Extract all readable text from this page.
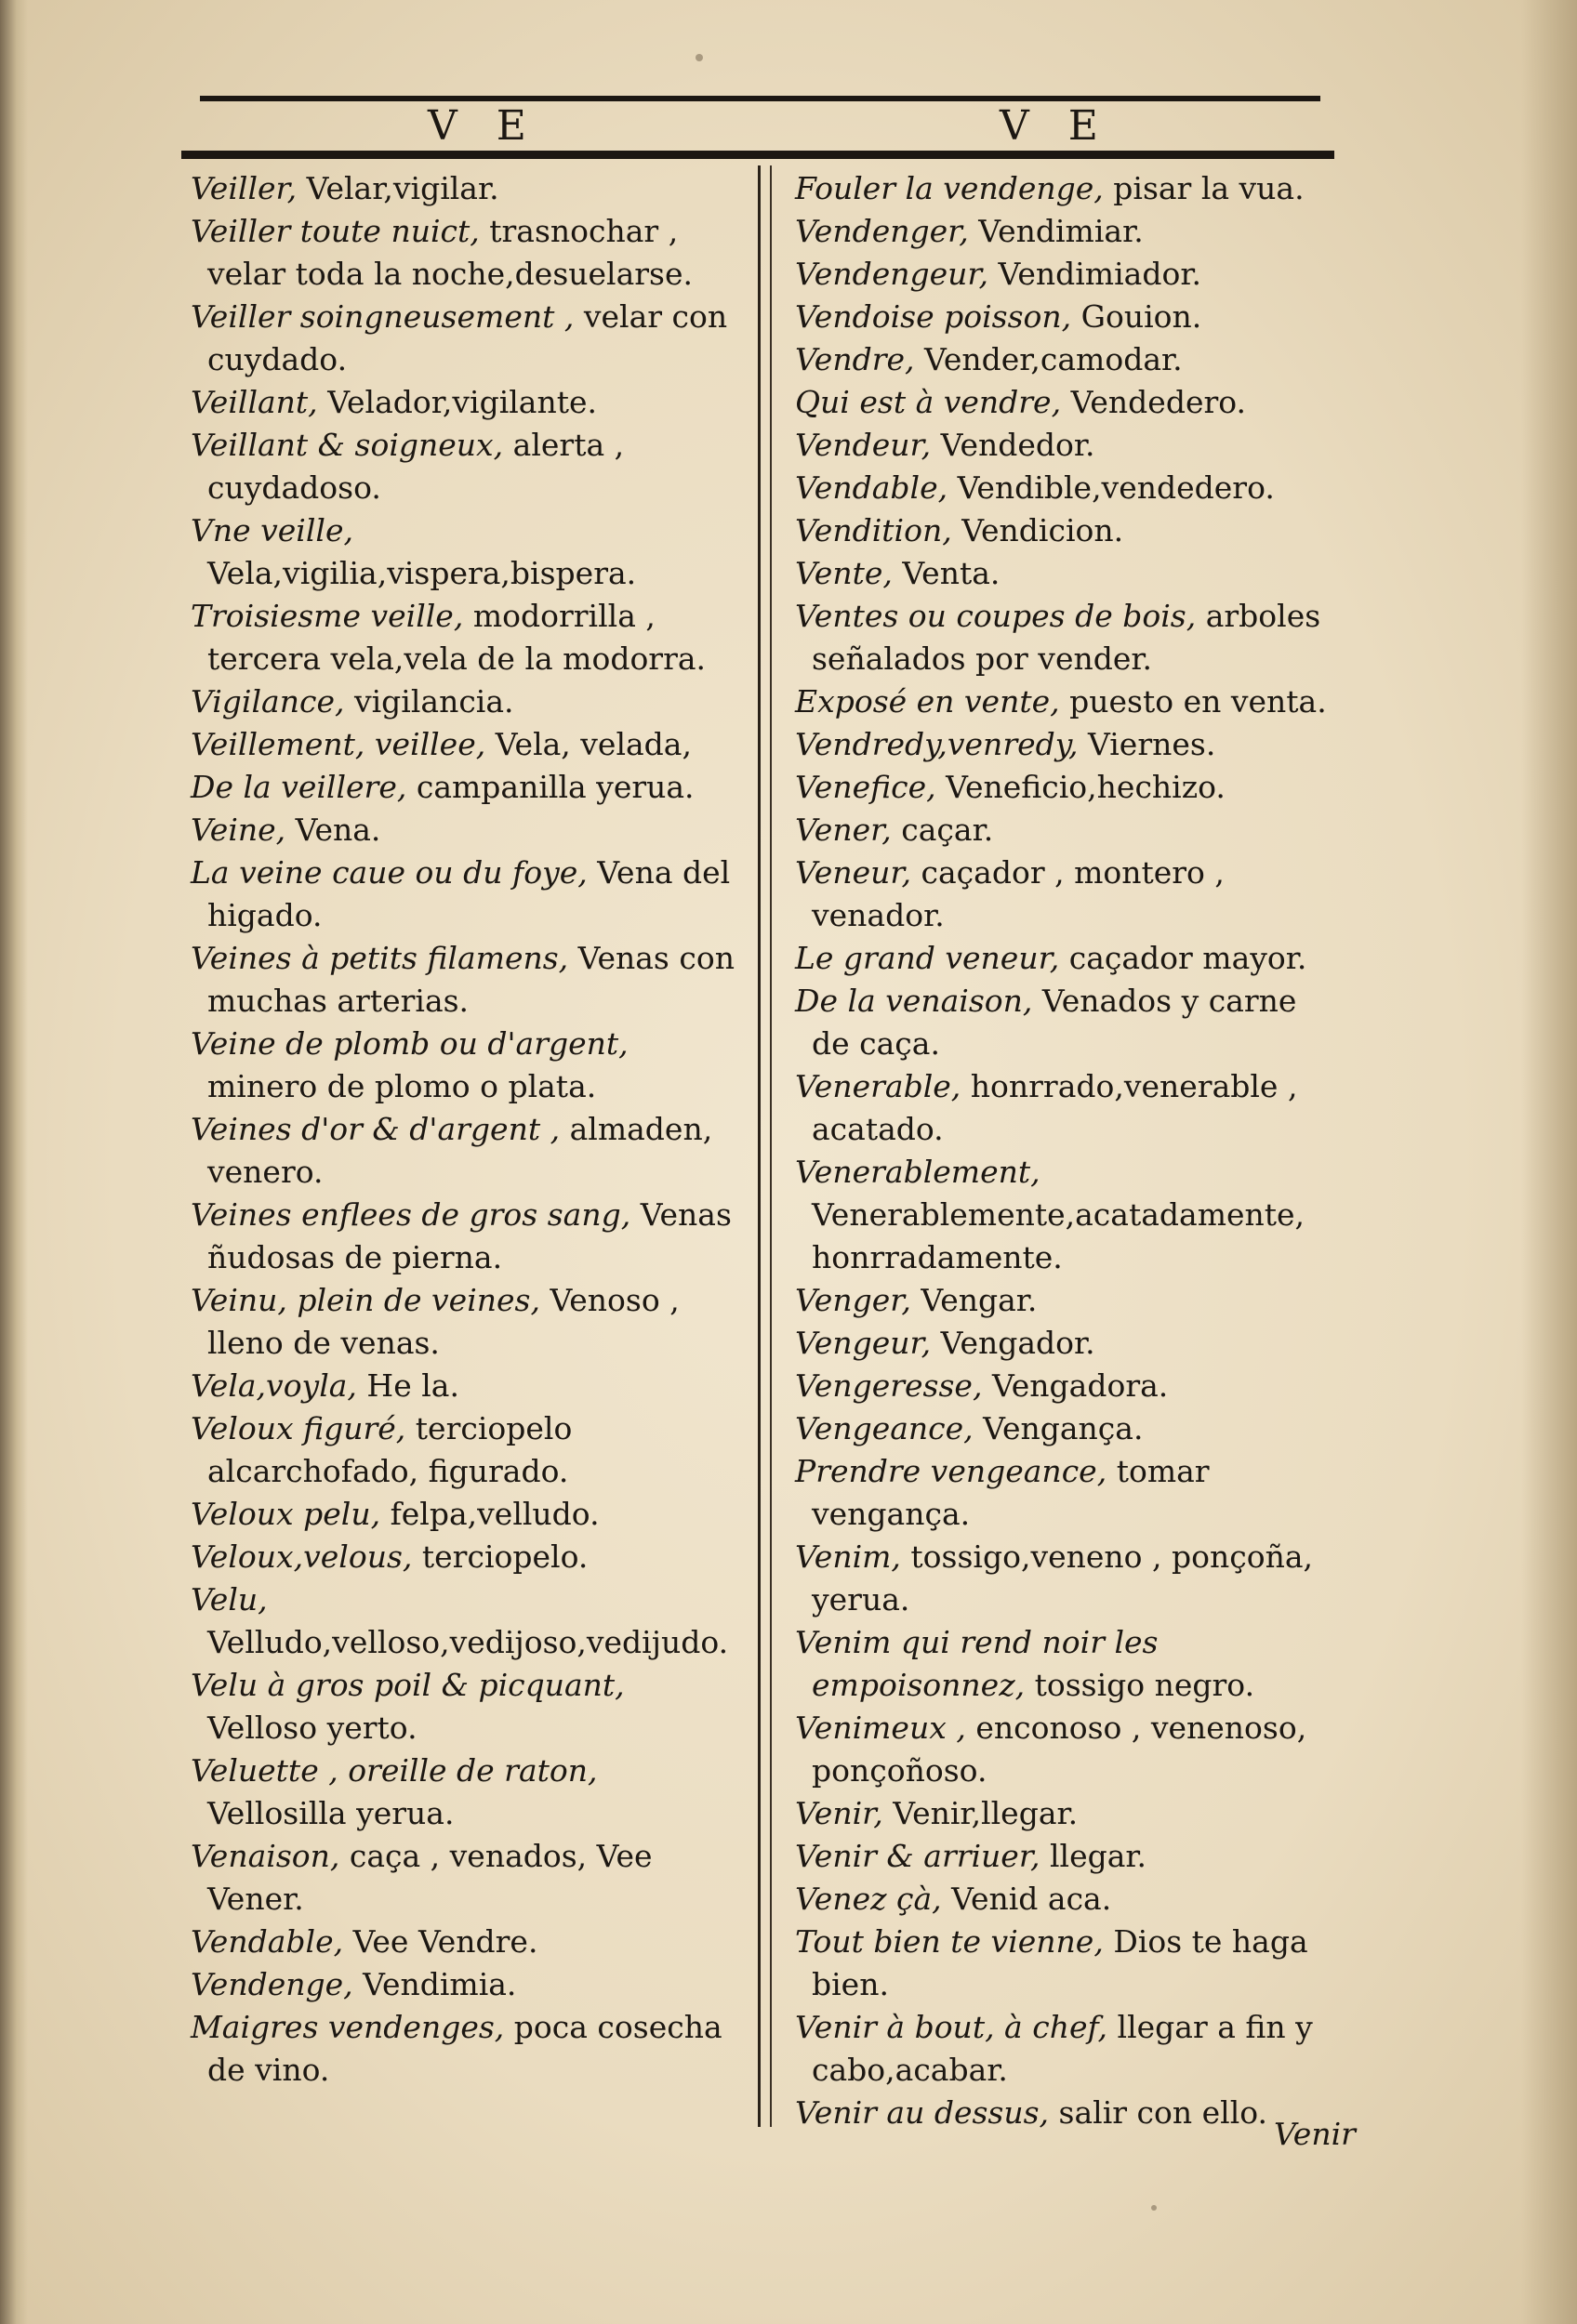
V E	V E
Veiller, Velar,vigilar.
Veiller toute nuict, trasnochar , velar toda la noche,desuelarse.
Veiller soingneusement , velar con cuydado.
Veillant, Velador,vigilante.
Veillant & soigneux, alerta , cuydadoso.
Vne veille, Vela,vigilia,vispera,bispera.
Troisiesme veille, modorrilla , tercera vela,vela de la modorra.
Vigilance, vigilancia.
Veillement, veillee, Vela, velada,
De la veillere, campanilla yerua.
Veine, Vena.
La veine caue ou du foye, Vena del higado.
Veines à petits filamens, Venas con muchas arterias.
Veine de plomb ou d'argent, minero de plomo o plata.
Veines d'or & d'argent , almaden, venero.
Veines enflees de gros sang, Venas ñudosas de pierna.
Veinu, plein de veines, Venoso , lleno de venas.
Vela,voyla, He la.
Veloux figuré, terciopelo alcarchofado, figurado.
Veloux pelu, felpa,velludo.
Veloux,velous, terciopelo.
Velu, Velludo,velloso,vedijoso,vedijudo.
Velu à gros poil & picquant, Velloso yerto.
Veluette , oreille de raton, Vellosilla yerua.
Venaison, caça , venados, Vee Vener.
Vendable, Vee Vendre.
Vendenge, Vendimia.
Maigres vendenges, poca cosecha de vino.
Fouler la vendenge, pisar la vua.
Vendenger, Vendimiar.
Vendengeur, Vendimiador.
Vendoise poisson, Gouion.
Vendre, Vender,camodar.
Qui est à vendre, Vendedero.
Vendeur, Vendedor.
Vendable, Vendible,vendedero.
Vendition, Vendicion.
Vente, Venta.
Ventes ou coupes de bois, arboles señalados por vender.
Exposé en vente, puesto en venta.
Vendredy,venredy, Viernes.
Venefice, Veneficio,hechizo.
Vener, caçar.
Veneur, caçador , montero , venador.
Le grand veneur, caçador mayor.
De la venaison, Venados y carne de caça.
Venerable, honrrado,venerable , acatado.
Venerablement, Venerablemente,acatadamente, honrradamente.
Venger, Vengar.
Vengeur, Vengador.
Vengeresse, Vengadora.
Vengeance, Vengança.
Prendre vengeance, tomar vengança.
Venim, tossigo,veneno , ponçoña, yerua.
Venim qui rend noir les empoisonnez, tossigo negro.
Venimeux , enconoso , venenoso, ponçoñoso.
Venir, Venir,llegar.
Venir & arriuer, llegar.
Venez çà, Venid aca.
Tout bien te vienne, Dios te haga bien.
Venir à bout, à chef, llegar a fin y cabo,acabar.
Venir au dessus, salir con ello.
Venir
